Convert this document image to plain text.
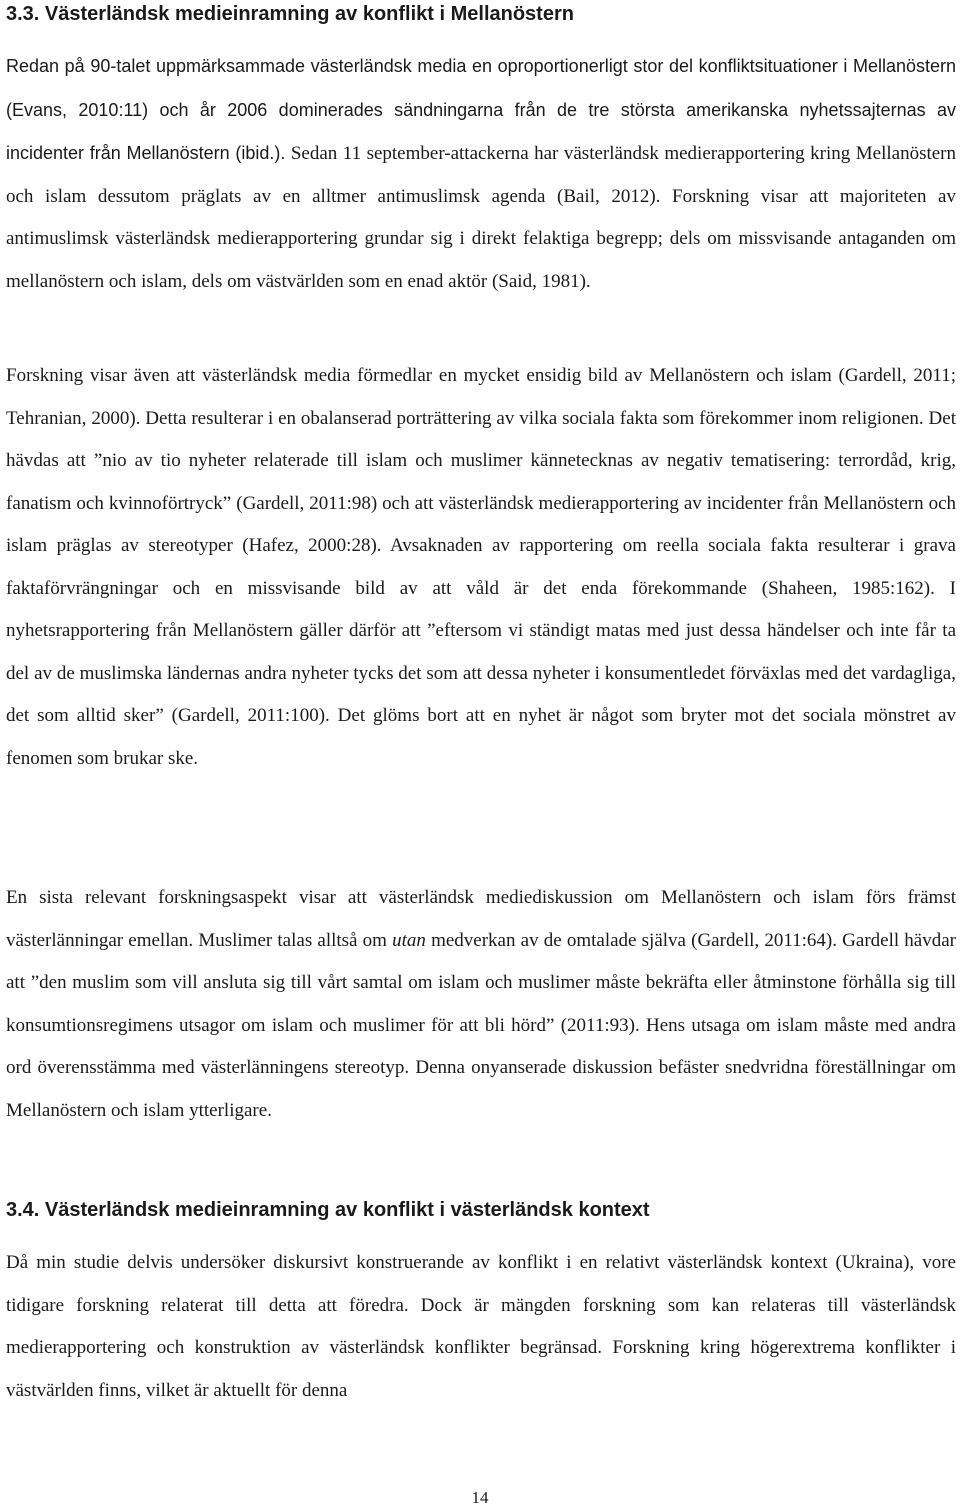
3.3. Västerländsk medieinramning av konflikt i Mellanöstern

Redan på 90-talet uppmärksammade västerländsk media en oproportionerligt stor del konfliktsituationer i Mellanöstern (Evans, 2010:11) och år 2006 dominerades sändningarna från de tre största amerikanska nyhetssajternas av incidenter från Mellanöstern (ibid.). Sedan 11 september-attackerna har västerländsk medierapportering kring Mellanöstern och islam dessutom präglats av en alltmer antimuslimsk agenda (Bail, 2012). Forskning visar att majoriteten av antimuslimsk västerländsk medierapportering grundar sig i direkt felaktiga begrepp; dels om missvisande antaganden om mellanöstern och islam, dels om västvärlden som en enad aktör (Said, 1981).

Forskning visar även att västerländsk media förmedlar en mycket ensidig bild av Mellanöstern och islam (Gardell, 2011; Tehranian, 2000). Detta resulterar i en obalanserad porträttering av vilka sociala fakta som förekommer inom religionen. Det hävdas att ”nio av tio nyheter relaterade till islam och muslimer kännetecknas av negativ tematisering: terrordåd, krig, fanatism och kvinnoförtryck” (Gardell, 2011:98) och att västerländsk medierapportering av incidenter från Mellanöstern och islam präglas av stereotyper (Hafez, 2000:28). Avsaknaden av rapportering om reella sociala fakta resulterar i grava faktaförvrängningar och en missvisande bild av att våld är det enda förekommande (Shaheen, 1985:162). I nyhetsrapportering från Mellanöstern gäller därför att ”eftersom vi ständigt matas med just dessa händelser och inte får ta del av de muslimska ländernas andra nyheter tycks det som att dessa nyheter i konsumentledet förväxlas med det vardagliga, det som alltid sker” (Gardell, 2011:100). Det glöms bort att en nyhet är något som bryter mot det sociala mönstret av fenomen som brukar ske.

En sista relevant forskningsaspekt visar att västerländsk mediediskussion om Mellanöstern och islam förs främst västerlänningar emellan. Muslimer talas alltså om utan medverkan av de omtalade själva (Gardell, 2011:64). Gardell hävdar att ”den muslim som vill ansluta sig till vårt samtal om islam och muslimer måste bekräfta eller åtminstone förhålla sig till konsumtionsregimens utsagor om islam och muslimer för att bli hörd” (2011:93). Hens utsaga om islam måste med andra ord överensstämma med västerlänningens stereotyp. Denna onyanserade diskussion befäster snedvridna föreställningar om Mellanöstern och islam ytterligare.

3.4. Västerländsk medieinramning av konflikt i västerländsk kontext

Då min studie delvis undersöker diskursivt konstruerande av konflikt i en relativt västerländsk kontext (Ukraina), vore tidigare forskning relaterat till detta att föredra. Dock är mängden forskning som kan relateras till västerländsk medierapportering och konstruktion av västerländsk konflikter begränsad. Forskning kring högerextrema konflikter i västvärlden finns, vilket är aktuellt för denna

14
